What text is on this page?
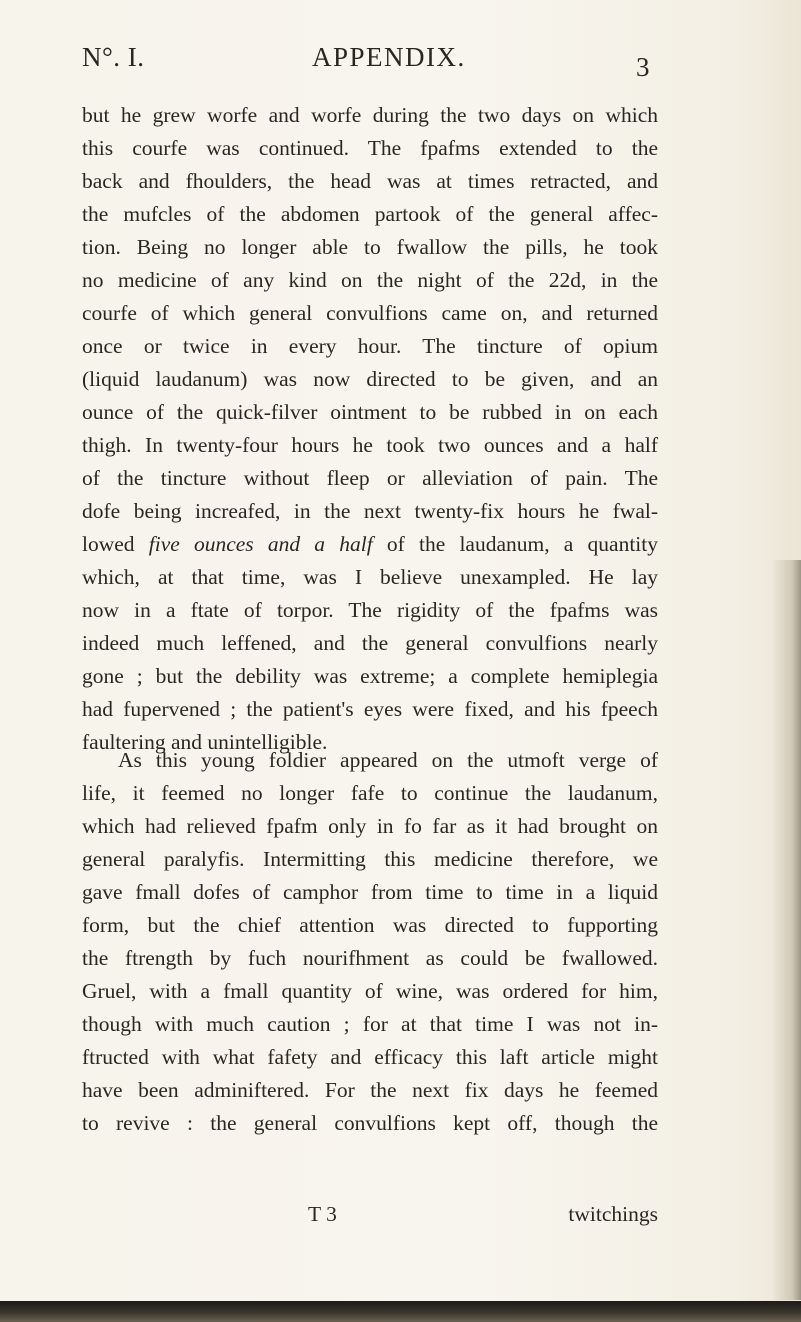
N°. I.	APPENDIX.	3
but he grew worfe and worfe during the two days on which
this courfe was continued. The fpafms extended to the
back and fhoulders, the head was at times retracted, and
the mufcles of the abdomen partook of the general affec-
tion. Being no longer able to fwallow the pills, he took
no medicine of any kind on the night of the 22d, in the
courfe of which general convulfions came on, and returned
once or twice in every hour. The tincture of opium
(liquid laudanum) was now directed to be given, and an
ounce of the quick-filver ointment to be rubbed in on each
thigh. In twenty-four hours he took two ounces and a half
of the tincture without fleep or alleviation of pain. The
dofe being increafed, in the next twenty-fix hours he fwal-
lowed five ounces and a half of the laudanum, a quantity
which, at that time, was I believe unexampled. He lay
now in a ftate of torpor. The rigidity of the fpafms was
indeed much leffened, and the general convulfions nearly
gone ; but the debility was extreme; a complete hemiplegia
had fupervened ; the patient's eyes were fixed, and his fpeech
faultering and unintelligible.
As this young foldier appeared on the utmoft verge of
life, it feemed no longer fafe to continue the laudanum,
which had relieved fpafm only in fo far as it had brought on
general paralyfis. Intermitting this medicine therefore, we
gave fmall dofes of camphor from time to time in a liquid
form, but the chief attention was directed to fupporting
the ftrength by fuch nourifhment as could be fwallowed.
Gruel, with a fmall quantity of wine, was ordered for him,
though with much caution ; for at that time I was not in-
ftructed with what fafety and efficacy this laft article might
have been adminiftered. For the next fix days he feemed
to revive : the general convulfions kept off, though the
T 3	twitchings
